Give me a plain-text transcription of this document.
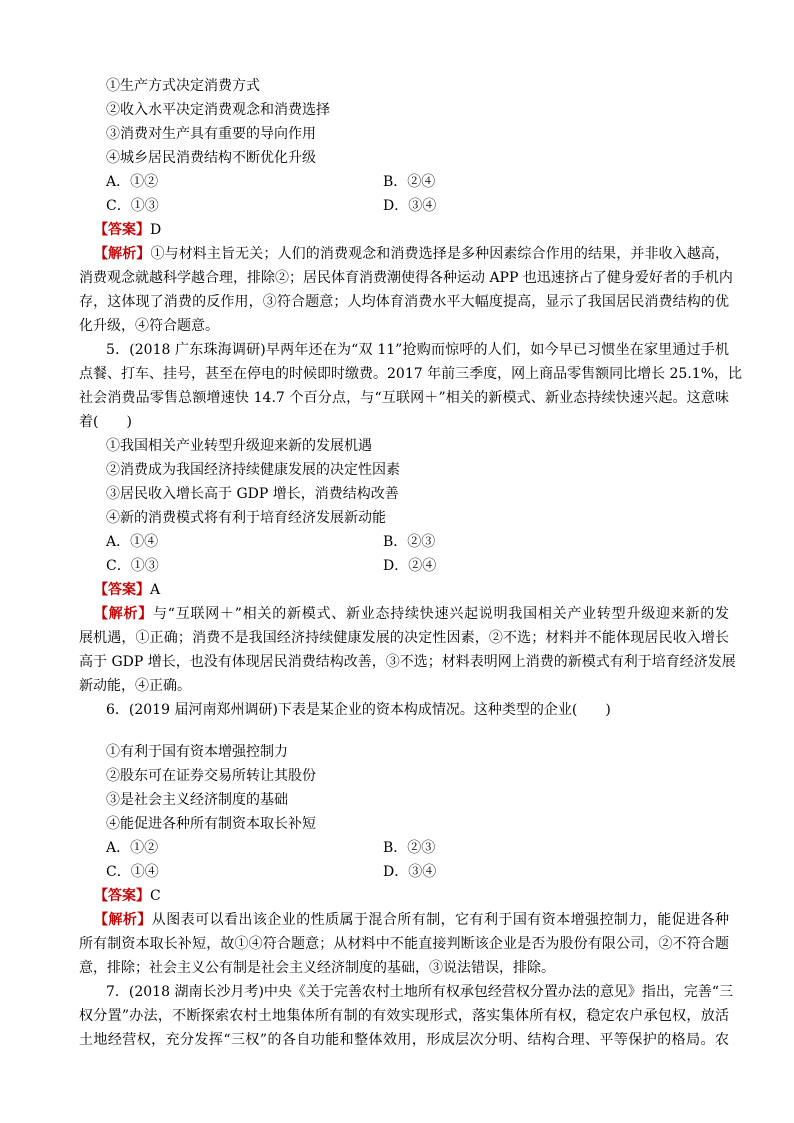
①生产方式决定消费方式
②收入水平决定消费观念和消费选择
③消费对生产具有重要的导向作用
④城乡居民消费结构不断优化升级
A．①②	B．②④
C．①③	D．③④
【答案】D
【解析】①与材料主旨无关；人们的消费观念和消费选择是多种因素综合作用的结果，并非收入越高，
消费观念就越科学越合理，排除②；居民体育消费潮使得各种运动 APP 也迅速挤占了健身爱好者的手机内
存，这体现了消费的反作用，③符合题意；人均体育消费水平大幅度提高，显示了我国居民消费结构的优
化升级，④符合题意。
5．(2018 广东珠海调研)早两年还在为“双 11”抢购而惊呼的人们，如今早已习惯坐在家里通过手机
点餐、打车、挂号，甚至在停电的时候即时缴费。2017 年前三季度，网上商品零售额同比增长 25.1%，比
社会消费品零售总额增速快 14.7 个百分点，与“互联网＋”相关的新模式、新业态持续快速兴起。这意味
着(　　)
①我国相关产业转型升级迎来新的发展机遇
②消费成为我国经济持续健康发展的决定性因素
③居民收入增长高于 GDP 增长，消费结构改善
④新的消费模式将有利于培育经济发展新动能
A．①④	B．②③
C．①③	D．②④
【答案】A
【解析】与“互联网＋”相关的新模式、新业态持续快速兴起说明我国相关产业转型升级迎来新的发
展机遇，①正确；消费不是我国经济持续健康发展的决定性因素，②不选；材料并不能体现居民收入增长
高于 GDP 增长，也没有体现居民消费结构改善，③不选；材料表明网上消费的新模式有利于培育经济发展
新动能，④正确。
6．(2019 届河南郑州调研)下表是某企业的资本构成情况。这种类型的企业(　　)
①有利于国有资本增强控制力
②股东可在证券交易所转让其股份
③是社会主义经济制度的基础
④能促进各种所有制资本取长补短
A．①②	B．②③
C．①④	D．③④
【答案】C
【解析】从图表可以看出该企业的性质属于混合所有制，它有利于国有资本增强控制力，能促进各种
所有制资本取长补短，故①④符合题意；从材料中不能直接判断该企业是否为股份有限公司，②不符合题
意，排除；社会主义公有制是社会主义经济制度的基础，③说法错误，排除。
7．(2018 湖南长沙月考)中央《关于完善农村土地所有权承包经营权分置办法的意见》指出，完善“三
权分置”办法，不断探索农村土地集体所有制的有效实现形式，落实集体所有权，稳定农户承包权，放活
土地经营权，充分发挥“三权”的各自功能和整体效用，形成层次分明、结构合理、平等保护的格局。农
